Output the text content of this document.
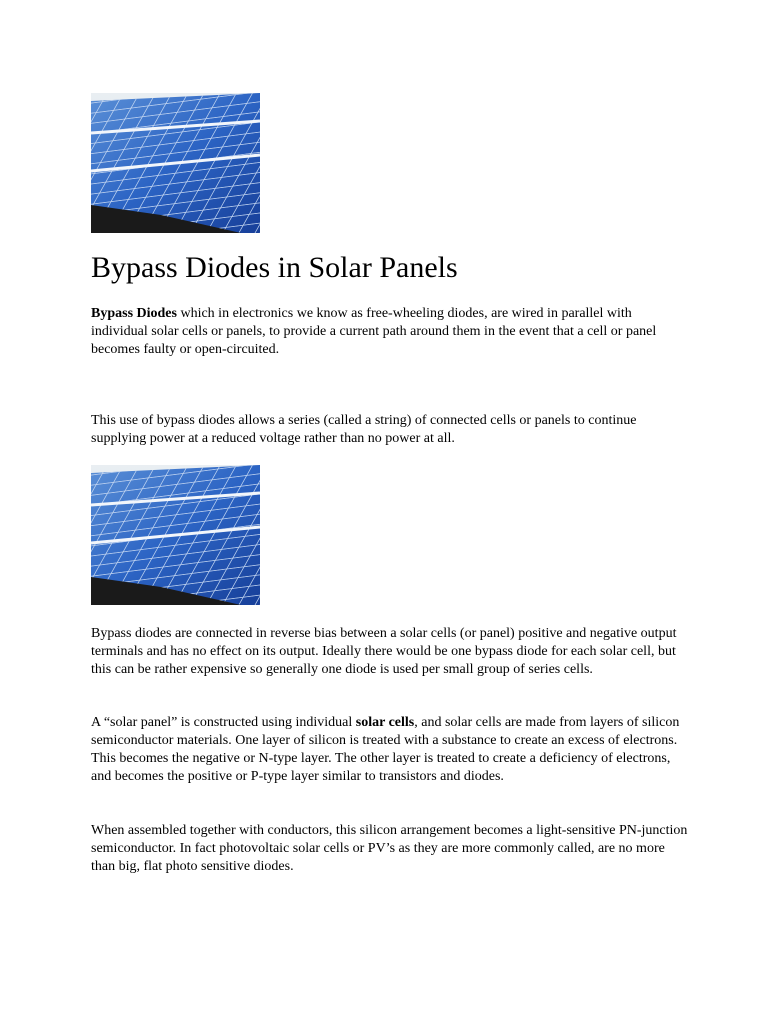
Bypass Diodes in Solar Panels

Bypass Diodes which in electronics we know as free-wheeling diodes, are wired in parallel with individual solar cells or panels, to provide a current path around them in the event that a cell or panel becomes faulty or open-circuited.

This use of bypass diodes allows a series (called a string) of connected cells or panels to continue supplying power at a reduced voltage rather than no power at all.

Bypass diodes are connected in reverse bias between a solar cells (or panel) positive and negative output terminals and has no effect on its output. Ideally there would be one bypass diode for each solar cell, but this can be rather expensive so generally one diode is used per small group of series cells.

A “solar panel” is constructed using individual solar cells, and solar cells are made from layers of silicon semiconductor materials. One layer of silicon is treated with a substance to create an excess of electrons. This becomes the negative or N-type layer. The other layer is treated to create a deficiency of electrons, and becomes the positive or P-type layer similar to transistors and diodes.

When assembled together with conductors, this silicon arrangement becomes a light-sensitive PN-junction semiconductor. In fact photovoltaic solar cells or PV’s as they are more commonly called, are no more than big, flat photo sensitive diodes.
